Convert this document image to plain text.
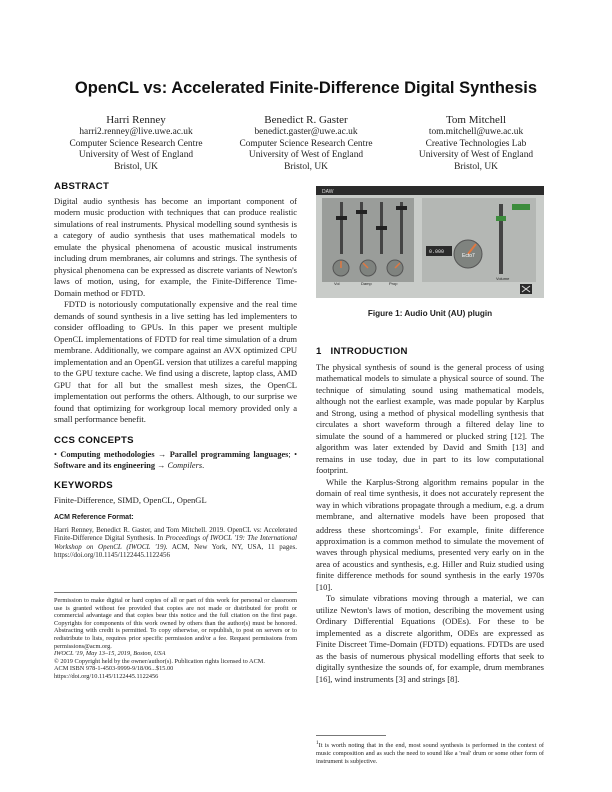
OpenCL vs: Accelerated Finite-Difference Digital Synthesis
Harri Renney
harri2.renney@live.uwe.ac.uk
Computer Science Research Centre
University of West of England
Bristol, UK
Benedict R. Gaster
benedict.gaster@uwe.ac.uk
Computer Science Research Centre
University of West of England
Bristol, UK
Tom Mitchell
tom.mitchell@uwe.ac.uk
Creative Technologies Lab
University of West of England
Bristol, UK
ABSTRACT

Digital audio synthesis has become an important component of modern music production with techniques that can produce realistic simulations of real instruments. Physical modelling sound synthesis is a category of audio synthesis that uses mathematical models to emulate the physical phenomena of acoustic musical instruments including drum membranes, air columns and strings. The synthesis of physical phenomena can be expressed as discrete variants of Newton's laws of motion, using, for example, the Finite-Difference Time-Domain method or FDTD.

FDTD is notoriously computationally expensive and the real time demands of sound synthesis in a live setting has led implementers to consider offloading to GPUs. In this paper we present multiple OpenCL implementations of FDTD for real time simulation of a drum membrane. Additionally, we compare against an AVX optimized CPU implementation and an OpenGL version that utilizes a careful mapping to the GPU texture cache. We find using a discrete, laptop class, AMD GPU that for all but the smallest mesh sizes, the OpenCL implementation out performs the others. Although, to our surprise we found that optimizing for workgroup local memory provided only a small performance benefit.

CCS CONCEPTS
• Computing methodologies → Parallel programming languages; • Software and its engineering → Compilers.
KEYWORDS

Finite-Difference, SIMD, OpenCL, OpenGL

ACM Reference Format:
Harri Renney, Benedict R. Gaster, and Tom Mitchell. 2019. OpenCL vs: Accelerated Finite-Difference Digital Synthesis. In Proceedings of IWOCL '19: The International Workshop on OpenCL (IWOCL '19). ACM, New York, NY, USA, 11 pages. https://doi.org/10.1145/1122445.1122456
Permission to make digital or hard copies of all or part of this work for personal or classroom use is granted without fee provided that copies are not made or distributed for profit or commercial advantage and that copies bear this notice and the full citation on the first page. Copyrights for components of this work owned by others than the author(s) must be honored. Abstracting with credit is permitted. To copy otherwise, or republish, to post on servers or to redistribute to lists, requires prior specific permission and/or a fee. Request permissions from permissions@acm.org.
IWOCL '19, May 13–15, 2019, Boston, USA
© 2019 Copyright held by the owner/author(s). Publication rights licensed to ACM.
ACM ISBN 978-1-4503-9999-9/18/06...$15.00
https://doi.org/10.1145/1122445.1122456
DAW
Vol	Damp	Prop
0.000
Ecto7
Volume
Figure 1: Audio Unit (AU) plugin
1 INTRODUCTION

The physical synthesis of sound is the general process of using mathematical models to simulate a physical source of sound. The technique of simulating sound using mathematical models, although not the earliest example, was made popular by Karplus and Strong, using a method of physical modelling synthesis that circulates a short waveform through a filtered delay line to simulate the sound of a hammered or plucked string [12]. The algorithm was later extended by David and Smith [13] and remains in use today, due in part to its low computational footprint.

While the Karplus-Strong algorithm remains popular in the domain of real time synthesis, it does not accurately represent the way in which vibrations propagate through a medium, e.g. a drum membrane, and alternative models have been proposed that address these shortcomings$^1$. For example, finite difference approximation is a common method to simulate the movement of waves through physical mediums, presented very early on in the area of acoustics and synthesis, e.g. Hiller and Ruiz studied using finite difference methods for sound synthesis in the early 1970s [10].

To simulate vibrations moving through a material, we can utilize Newton's laws of motion, describing the movement using Ordinary Differential Equations (ODEs). For these to be implemented as a discrete algorithm, ODEs are expressed as Finite Discreet Time-Domain (FDTD) equations. FDTDs are used as the basis of numerous physical modelling efforts that seek to digitally synthesize the sounds of, for example, drum membranes [16], wind instruments [3] and strings [8].

$^1$It is worth noting that in the end, most sound synthesis is performed in the context of music composition and as such the need to sound like a 'real' drum or some other form of instrument is subjective.
